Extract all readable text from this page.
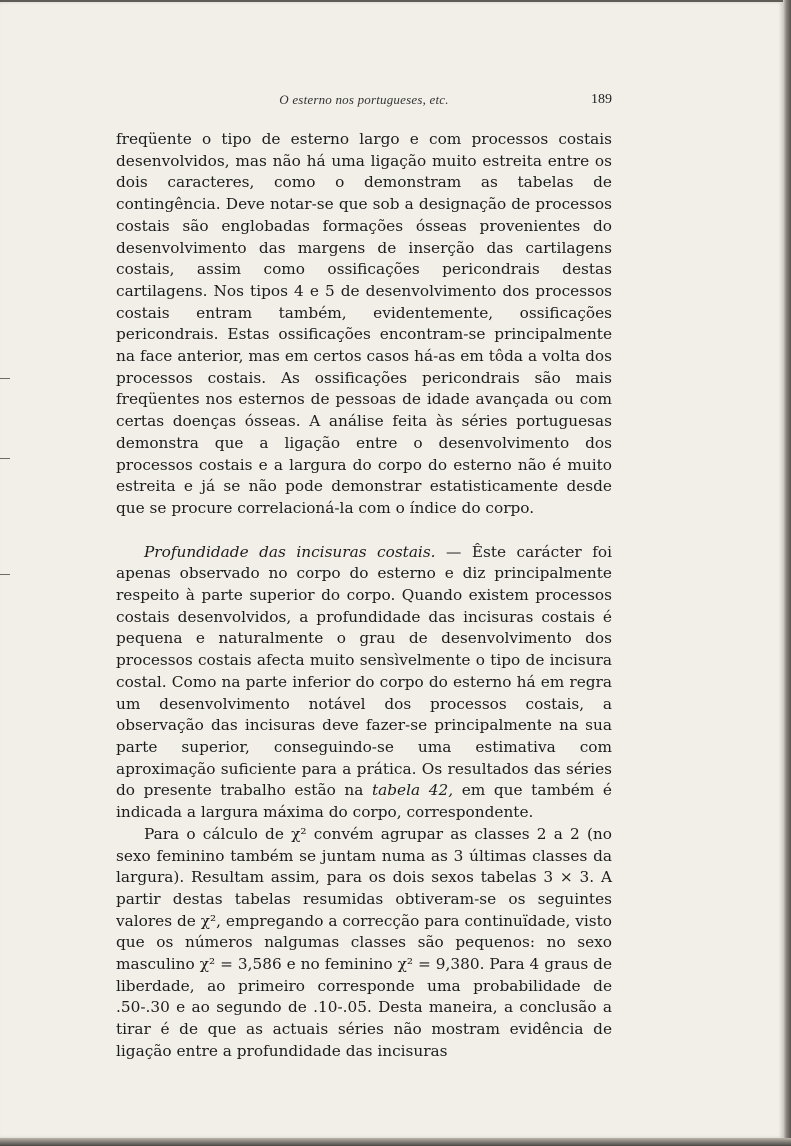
O esterno nos portugueses, etc.	189

freqüente o tipo de esterno largo e com processos costais desenvolvidos, mas não há uma ligação muito estreita entre os dois caracteres, como o demonstram as tabelas de contingência. Deve notar-se que sob a designação de processos costais são englobadas formações ósseas provenientes do desenvolvimento das margens de inserção das cartilagens costais, assim como ossificações pericondrais destas cartilagens. Nos tipos 4 e 5 de desenvolvimento dos processos costais entram também, evidentemente, ossificações pericondrais. Estas ossificações encontram-se principalmente na face anterior, mas em certos casos há-as em tôda a volta dos processos costais. As ossificações pericondrais são mais freqüentes nos esternos de pessoas de idade avançada ou com certas doenças ósseas. A análise feita às séries portuguesas demonstra que a ligação entre o desenvolvimento dos processos costais e a largura do corpo do esterno não é muito estreita e já se não pode demonstrar estatisticamente desde que se procure correlacioná-la com o índice do corpo.

Profundidade das incisuras costais. — Êste carácter foi apenas observado no corpo do esterno e diz principalmente respeito à parte superior do corpo. Quando existem processos costais desenvolvidos, a profundidade das incisuras costais é pequena e naturalmente o grau de desenvolvimento dos processos costais afecta muito sensìvelmente o tipo de incisura costal. Como na parte inferior do corpo do esterno há em regra um desenvolvimento notável dos processos costais, a observação das incisuras deve fazer-se principalmente na sua parte superior, conseguindo-se uma estimativa com aproximação suficiente para a prática. Os resultados das séries do presente trabalho estão na tabela 42, em que também é indicada a largura máxima do corpo, correspondente.

Para o cálculo de χ² convém agrupar as classes 2 a 2 (no sexo feminino também se juntam numa as 3 últimas classes da largura). Resultam assim, para os dois sexos tabelas 3 × 3. A partir destas tabelas resumidas obtiveram-se os seguintes valores de χ², empregando a correcção para continuïdade, visto que os números nalgumas classes são pequenos: no sexo masculino χ² = 3,586 e no feminino χ² = 9,380. Para 4 graus de liberdade, ao primeiro corresponde uma probabilidade de .50-.30 e ao segundo de .10-.05. Desta maneira, a conclusão a tirar é de que as actuais séries não mostram evidência de ligação entre a profundidade das incisuras
